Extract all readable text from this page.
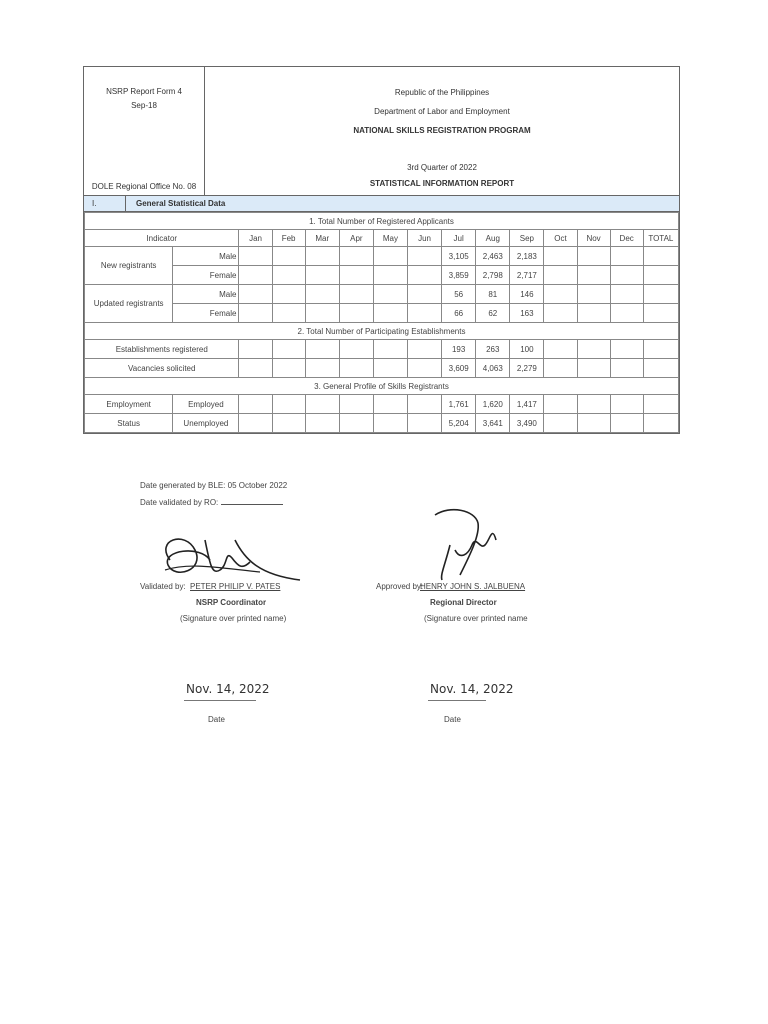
NSRP Report Form 4
Sep-18
DOLE Regional Office No. 08
Republic of the Philippines
Department of Labor and Employment
NATIONAL SKILLS REGISTRATION PROGRAM
3rd Quarter of 2022
STATISTICAL INFORMATION REPORT
I.	General Statistical Data
1. Total Number of Registered Applicants														
Indicator		Jan	Feb	Mar	Apr	May	Jun	Jul	Aug	Sep	Oct	Nov	Dec	TOTAL
New registrants	Male							3,105	2,463	2,183				
	Female							3,859	2,798	2,717				
Updated registrants	Male							56	81	146				
	Female							66	62	163				
2. Total Number of Participating Establishments														
Establishments registered								193	263	100				
Vacancies solicited								3,609	4,063	2,279				
3. General Profile of Skills Registrants														
Employment	Employed							1,761	1,620	1,417				
Status	Unemployed							5,204	3,641	3,490				
Date generated by BLE: 05 October 2022
Date validated by RO:
Validated by: PETER PHILIP V. PATES
NSRP Coordinator
(Signature over printed name)
Approved by:
HENRY JOHN S. JALBUENA
Regional Director
(Signature over printed name
Nov. 14, 2022
Date
Nov. 14, 2022
Date
